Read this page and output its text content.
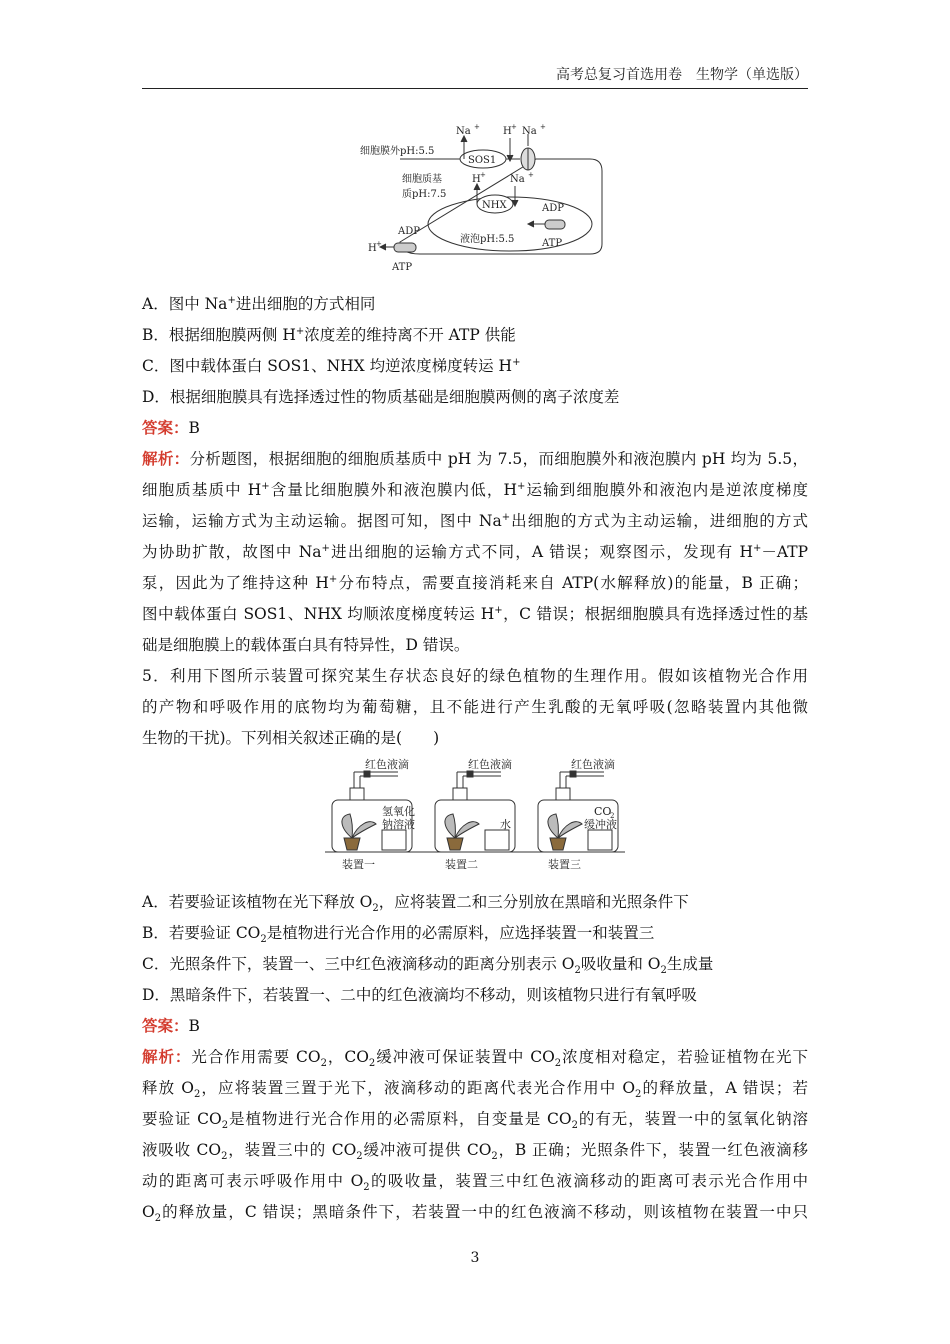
高考总复习首选用卷　生物学（单选版）
细胞膜外pH:5.5
SOS1
Na + H + Na +
细胞质基
质pH:7.5
H + Na +
NHX	ADP
ATP
液泡pH:5.5
ADP
H +
ATP
A．图中 Na+进出细胞的方式相同
B．根据细胞膜两侧 H+浓度差的维持离不开 ATP 供能
C．图中载体蛋白 SOS1、NHX 均逆浓度梯度转运 H+
D．根据细胞膜具有选择透过性的物质基础是细胞膜两侧的离子浓度差
答案：B
解析：分析题图，根据细胞的细胞质基质中 pH 为 7.5，而细胞膜外和液泡膜内 pH 均为 5.5，
细胞质基质中 H+含量比细胞膜外和液泡膜内低，H+运输到细胞膜外和液泡内是逆浓度梯度
运输，运输方式为主动运输。据图可知，图中 Na+出细胞的方式为主动运输，进细胞的方式
为协助扩散，故图中 Na+进出细胞的运输方式不同，A 错误；观察图示，发现有 H+－ATP
泵，因此为了维持这种 H+分布特点，需要直接消耗来自 ATP(水解释放)的能量，B 正确；
图中载体蛋白 SOS1、NHX 均顺浓度梯度转运 H+，C 错误；根据细胞膜具有选择透过性的基
础是细胞膜上的载体蛋白具有特异性，D 错误。
5．利用下图所示装置可探究某生存状态良好的绿色植物的生理作用。假如该植物光合作用
的产物和呼吸作用的底物均为葡萄糖，且不能进行产生乳酸的无氧呼吸(忽略装置内其他微
生物的干扰)。下列相关叙述正确的是(　　)
红色液滴	红色液滴	红色液滴
氢氧化
钠溶液	水
CO
2
缓冲液
装置一	装置二	装置三
A．若要验证该植物在光下释放 $O_2$，应将装置二和三分别放在黑暗和光照条件下
B．若要验证 $CO_2$是植物进行光合作用的必需原料，应选择装置一和装置三
C．光照条件下，装置一、三中红色液滴移动的距离分别表示 $O_2$吸收量和 $O_2$生成量
D．黑暗条件下，若装置一、二中的红色液滴均不移动，则该植物只进行有氧呼吸
答案：B
解析：光合作用需要 $CO_2$，$CO_2$缓冲液可保证装置中 $CO_2$浓度相对稳定，若验证植物在光下
释放 $O_2$，应将装置三置于光下，液滴移动的距离代表光合作用中 $O_2$的释放量，A 错误；若
要验证 $CO_2$是植物进行光合作用的必需原料，自变量是 $CO_2$的有无，装置一中的氢氧化钠溶
液吸收 $CO_2$，装置三中的 $CO_2$缓冲液可提供 $CO_2$，B 正确；光照条件下，装置一红色液滴移
动的距离可表示呼吸作用中 $O_2$的吸收量，装置三中红色液滴移动的距离可表示光合作用中
$O_2$的释放量，C 错误；黑暗条件下，若装置一中的红色液滴不移动，则该植物在装置一中只
3
